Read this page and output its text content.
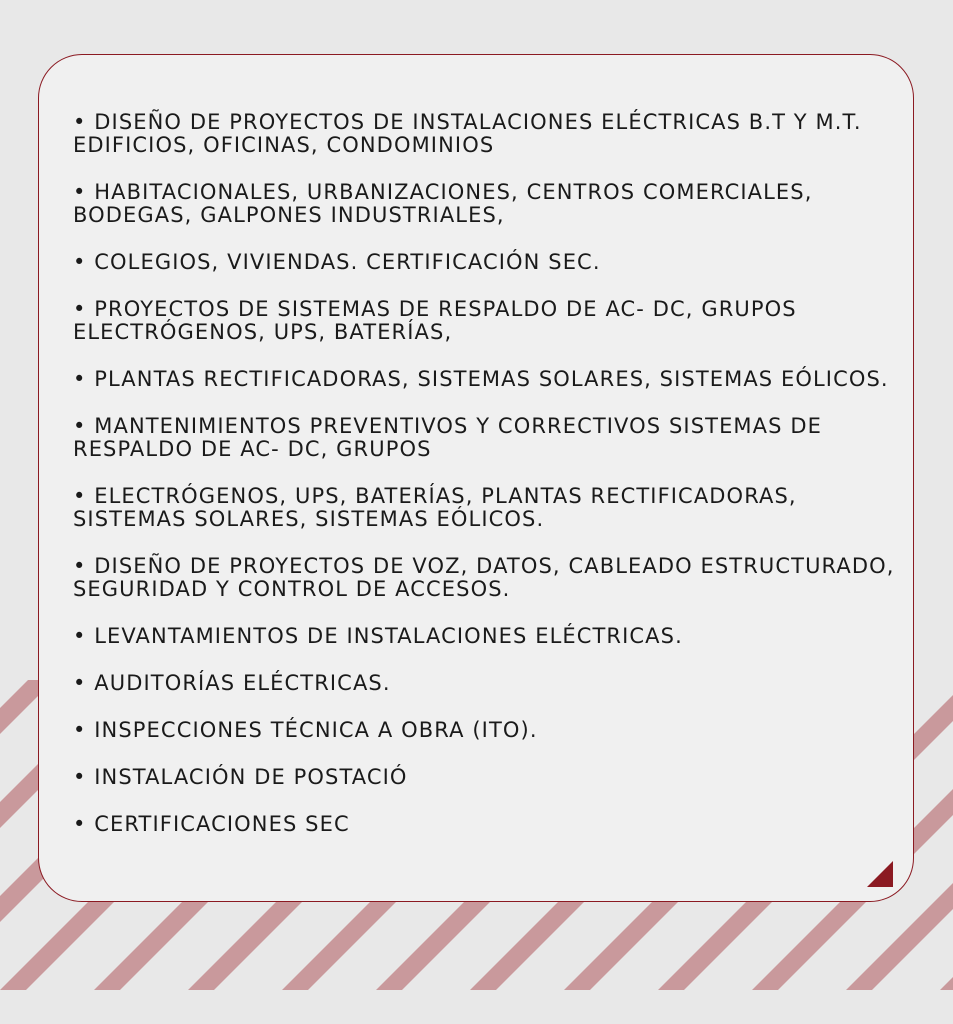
• DISEÑO DE PROYECTOS DE INSTALACIONES ELÉCTRICAS B.T Y M.T.
EDIFICIOS, OFICINAS, CONDOMINIOS
• HABITACIONALES, URBANIZACIONES, CENTROS COMERCIALES,
BODEGAS, GALPONES INDUSTRIALES,
• COLEGIOS, VIVIENDAS. CERTIFICACIÓN SEC.
• PROYECTOS DE SISTEMAS DE RESPALDO DE AC- DC, GRUPOS
ELECTRÓGENOS, UPS, BATERÍAS,
• PLANTAS RECTIFICADORAS, SISTEMAS SOLARES, SISTEMAS EÓLICOS.
• MANTENIMIENTOS PREVENTIVOS Y CORRECTIVOS SISTEMAS DE
RESPALDO DE AC- DC, GRUPOS
• ELECTRÓGENOS, UPS, BATERÍAS, PLANTAS RECTIFICADORAS,
SISTEMAS SOLARES, SISTEMAS EÓLICOS.
• DISEÑO DE PROYECTOS DE VOZ, DATOS, CABLEADO ESTRUCTURADO,
SEGURIDAD Y CONTROL DE ACCESOS.
• LEVANTAMIENTOS DE INSTALACIONES ELÉCTRICAS.
• AUDITORÍAS ELÉCTRICAS.
• INSPECCIONES TÉCNICA A OBRA (ITO).
• INSTALACIÓN DE POSTACIÓ
• CERTIFICACIONES SEC
